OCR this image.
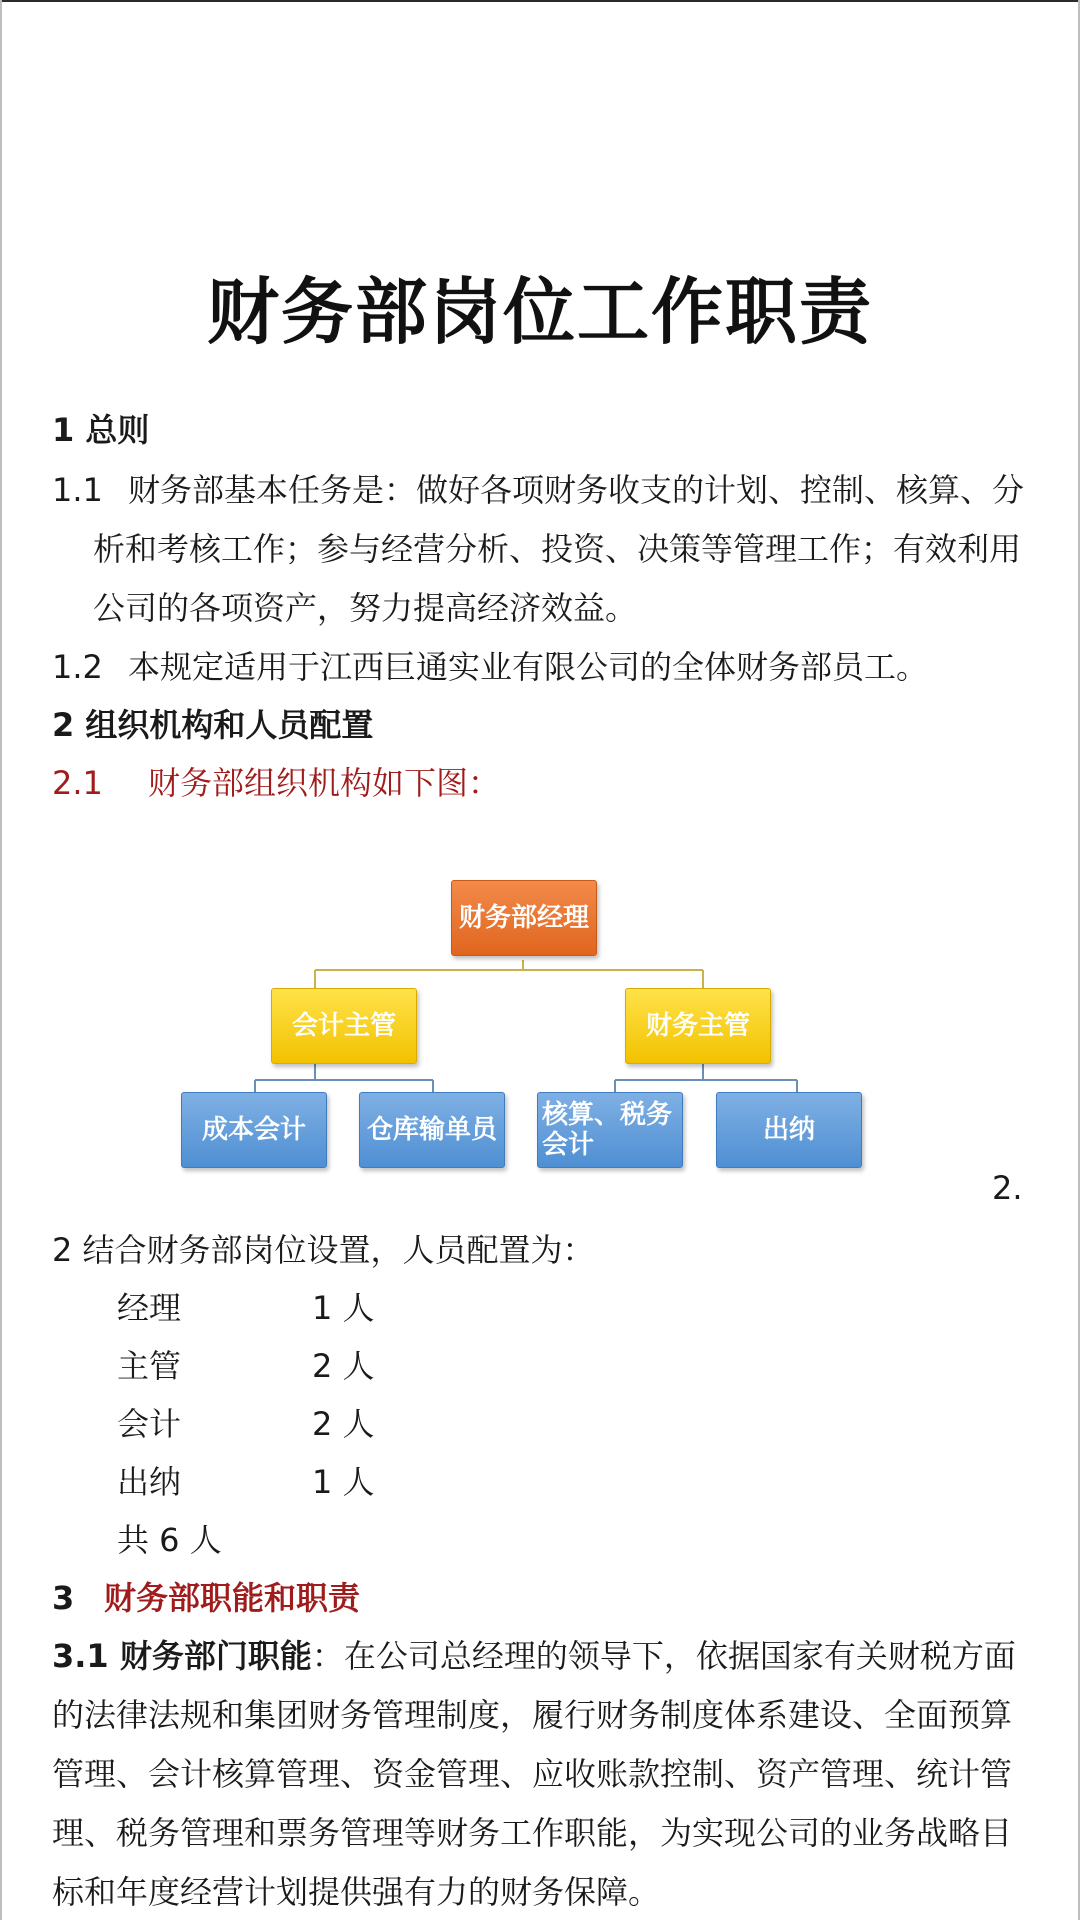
财务部岗位工作职责
1 总则
1.1 财务部基本任务是：做好各项财务收支的计划、控制、核算、分
析和考核工作；参与经营分析、投资、决策等管理工作；有效利用
公司的各项资产，努力提高经济效益。
1.2 本规定适用于江西巨通实业有限公司的全体财务部员工。
2 组织机构和人员配置
2.1 财务部组织机构如下图：
财务部经理
会计主管	财务主管
成本会计	仓库输单员	核算、税务
会计	出纳
2.
2 结合财务部岗位设置，人员配置为：
经理	1 人
主管	2 人
会计	2 人
出纳	1 人
共 6 人
3 财务部职能和职责
3.1 财务部门职能：在公司总经理的领导下，依据国家有关财税方面
的法律法规和集团财务管理制度，履行财务制度体系建设、全面预算
管理、会计核算管理、资金管理、应收账款控制、资产管理、统计管
理、税务管理和票务管理等财务工作职能，为实现公司的业务战略目
标和年度经营计划提供强有力的财务保障。
